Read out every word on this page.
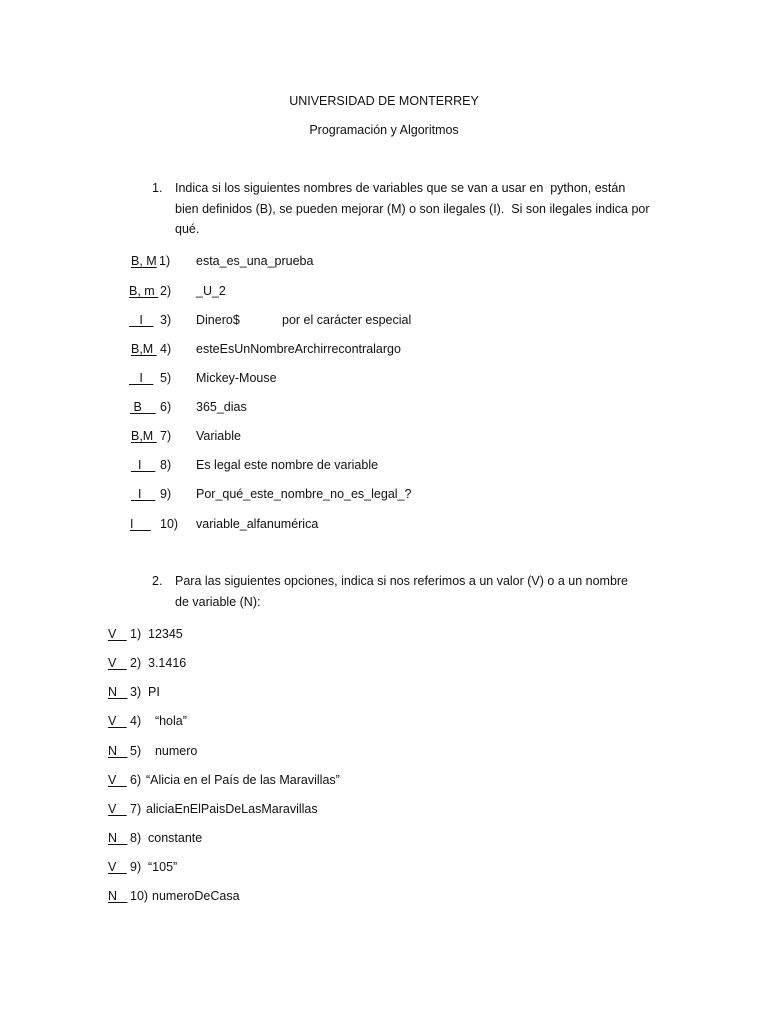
UNIVERSIDAD DE MONTERREY
Programación y Algoritmos
1. Indica si los siguientes nombres de variables que se van a usar en  python, están
bien definidos (B), se pueden mejorar (M) o son ilegales (I).  Si son ilegales indica por
qué.

B, M

1)

esta_es_una_prueba

B, m

2)

_U_2

I

3)

Dinero$

	por el carácter especial

B,M

4)

esteEsUnNombreArchirrecontralargo

I

5)

Mickey-Mouse

B

6)

365_dias

B,M

7)

Variable

I

8)

Es legal este nombre de variable

I

9)

Por_qué_este_nombre_no_es_legal_?

I

10)

variable_alfanumérica

2. Para las siguientes opciones, indica si nos referimos a un valor (V) o a un nombre
de variable (N):

V

1)

12345

V

2)

3.1416

N

3)

PI

V

4)

“hola”

N

5)

numero

V

6)

“Alicia en el País de las Maravillas”

V

7)

aliciaEnElPaisDeLasMaravillas

N

8)

constante

V

9)

“105”

N

10)

numeroDeCasa
